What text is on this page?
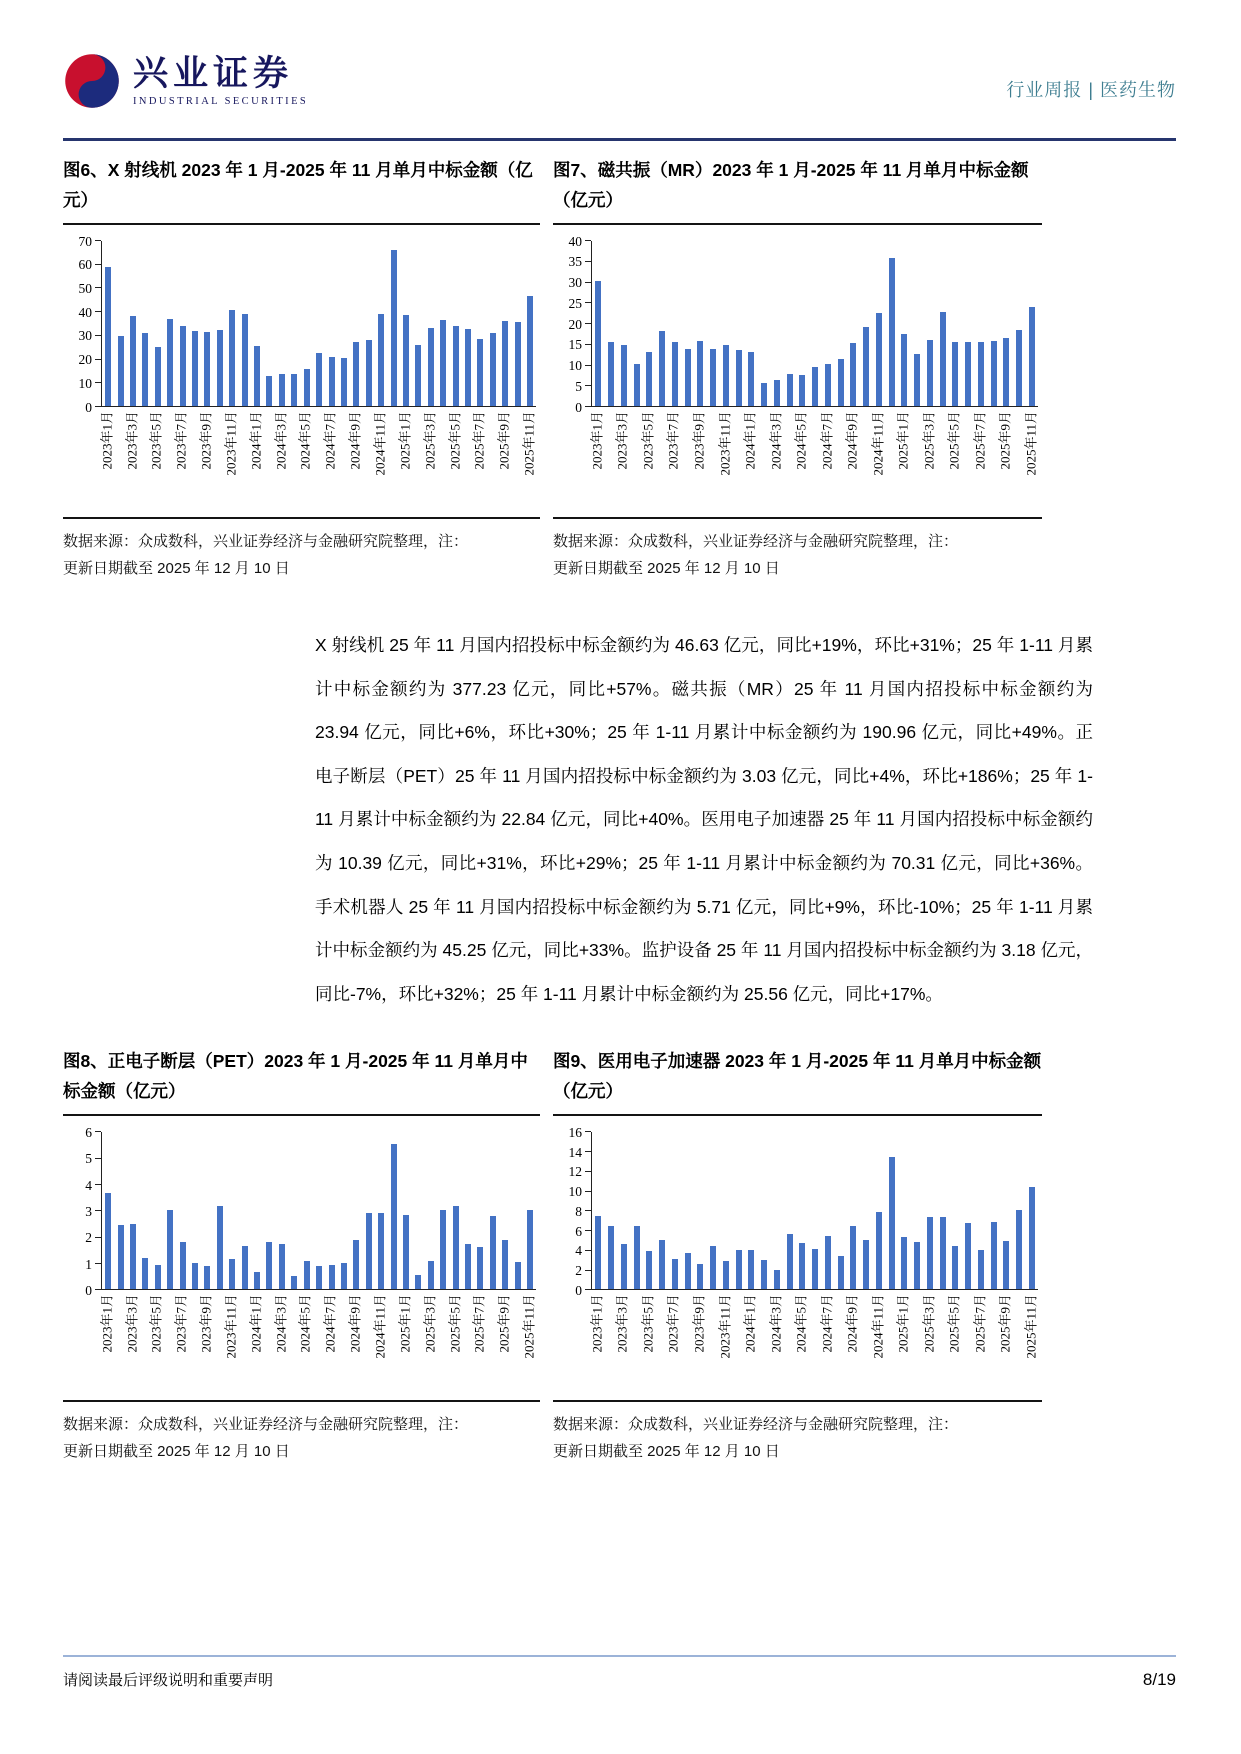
兴业证券
INDUSTRIAL SECURITIES
行业周报 | 医药生物
图6、X 射线机 2023 年 1 月-2025 年 11 月单月中标金额（亿元）
0
10
20
30
40
50
60
70
2023年1月 2023年3月 2023年5月 2023年7月 2023年9月 2023年11月 2024年1月 2024年3月 2024年5月 2024年7月 2024年9月 2024年11月 2025年1月 2025年3月 2025年5月 2025年7月 2025年9月 2025年11月

数据来源：众成数科，兴业证券经济与金融研究院整理，注：
更新日期截至 2025 年 12 月 10 日

图7、磁共振（MR）2023 年 1 月-2025 年 11 月单月中标金额（亿元）
0
5
10
15
20
25
30
35
40
2023年1月 2023年3月 2023年5月 2023年7月 2023年9月 2023年11月 2024年1月 2024年3月 2024年5月 2024年7月 2024年9月 2024年11月 2025年1月 2025年3月 2025年5月 2025年7月 2025年9月 2025年11月

数据来源：众成数科，兴业证券经济与金融研究院整理，注：
更新日期截至 2025 年 12 月 10 日

X 射线机 25 年 11 月国内招投标中标金额约为 46.63 亿元，同比+19%，环比+31%；25 年 1-11 月累计中标金额约为 377.23 亿元，同比+57%。磁共振（MR）25 年 11 月国内招投标中标金额约为 23.94 亿元，同比+6%，环比+30%；25 年 1-11 月累计中标金额约为 190.96 亿元，同比+49%。正电子断层（PET）25 年 11 月国内招投标中标金额约为 3.03 亿元，同比+4%，环比+186%；25 年 1-11 月累计中标金额约为 22.84 亿元，同比+40%。医用电子加速器 25 年 11 月国内招投标中标金额约为 10.39 亿元，同比+31%，环比+29%；25 年 1-11 月累计中标金额约为 70.31 亿元，同比+36%。手术机器人 25 年 11 月国内招投标中标金额约为 5.71 亿元，同比+9%，环比-10%；25 年 1-11 月累计中标金额约为 45.25 亿元，同比+33%。监护设备 25 年 11 月国内招投标中标金额约为 3.18 亿元，同比-7%，环比+32%；25 年 1-11 月累计中标金额约为 25.56 亿元，同比+17%。

图8、正电子断层（PET）2023 年 1 月-2025 年 11 月单月中标金额（亿元）
0
1
2
3
4
5
6
2023年1月 2023年3月 2023年5月 2023年7月 2023年9月 2023年11月 2024年1月 2024年3月 2024年5月 2024年7月 2024年9月 2024年11月 2025年1月 2025年3月 2025年5月 2025年7月 2025年9月 2025年11月

数据来源：众成数科，兴业证券经济与金融研究院整理，注：
更新日期截至 2025 年 12 月 10 日

图9、医用电子加速器 2023 年 1 月-2025 年 11 月单月中标金额（亿元）
0
2
4
6
8
10
12
14
16
2023年1月 2023年3月 2023年5月 2023年7月 2023年9月 2023年11月 2024年1月 2024年3月 2024年5月 2024年7月 2024年9月 2024年11月 2025年1月 2025年3月 2025年5月 2025年7月 2025年9月 2025年11月

数据来源：众成数科，兴业证券经济与金融研究院整理，注：
更新日期截至 2025 年 12 月 10 日

请阅读最后评级说明和重要声明	8/19
